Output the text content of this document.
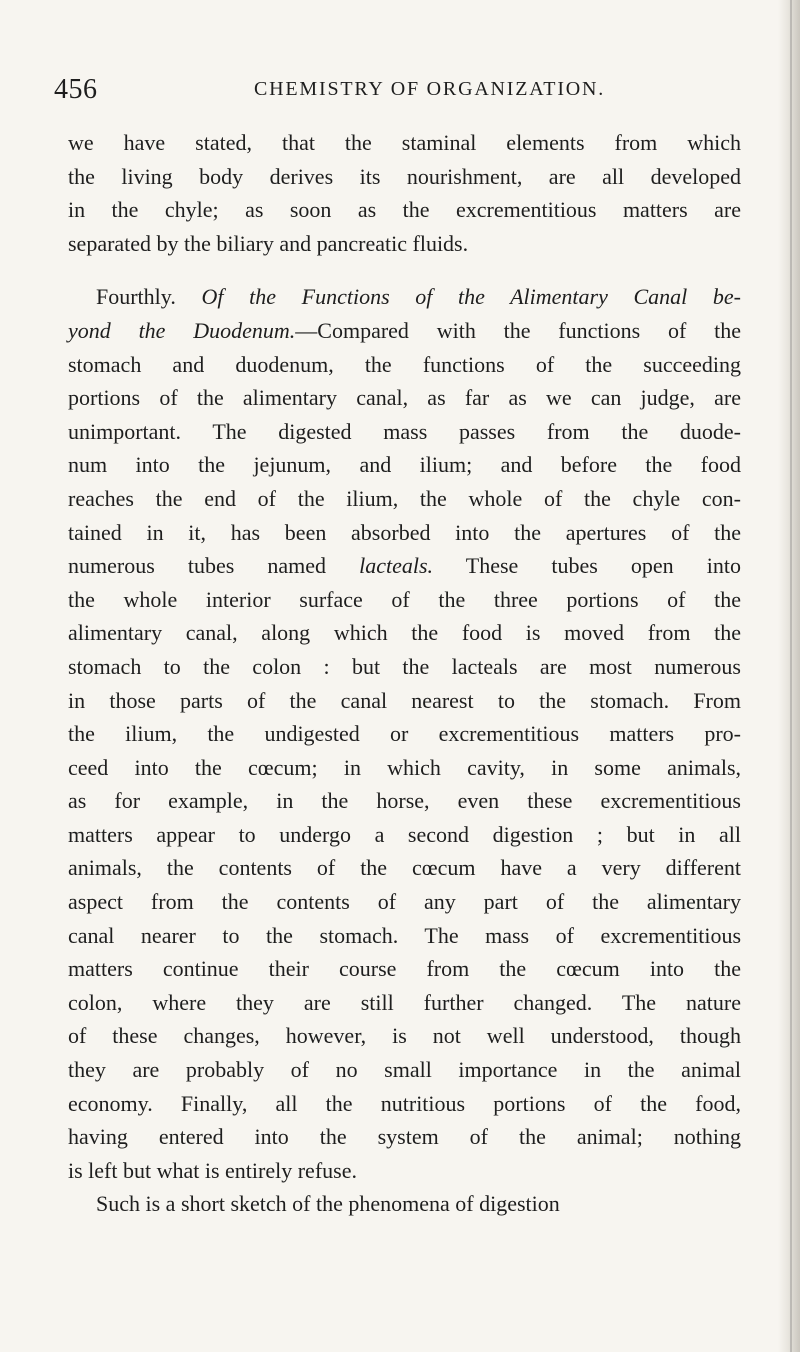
456	CHEMISTRY OF ORGANIZATION.
we have stated, that the staminal elements from which
the living body derives its nourishment, are all developed
in the chyle; as soon as the excrementitious matters are
separated by the biliary and pancreatic fluids.
Fourthly. Of the Functions of the Alimentary Canal be-
yond the Duodenum.—Compared with the functions of the
stomach and duodenum, the functions of the succeeding
portions of the alimentary canal, as far as we can judge, are
unimportant. The digested mass passes from the duode-
num into the jejunum, and ilium; and before the food
reaches the end of the ilium, the whole of the chyle con-
tained in it, has been absorbed into the apertures of the
numerous tubes named lacteals. These tubes open into
the whole interior surface of the three portions of the
alimentary canal, along which the food is moved from the
stomach to the colon : but the lacteals are most numerous
in those parts of the canal nearest to the stomach. From
the ilium, the undigested or excrementitious matters pro-
ceed into the cœcum; in which cavity, in some animals,
as for example, in the horse, even these excrementitious
matters appear to undergo a second digestion ; but in all
animals, the contents of the cœcum have a very different
aspect from the contents of any part of the alimentary
canal nearer to the stomach. The mass of excrementitious
matters continue their course from the cœcum into the
colon, where they are still further changed. The nature
of these changes, however, is not well understood, though
they are probably of no small importance in the animal
economy. Finally, all the nutritious portions of the food,
having entered into the system of the animal; nothing
is left but what is entirely refuse.
Such is a short sketch of the phenomena of digestion
